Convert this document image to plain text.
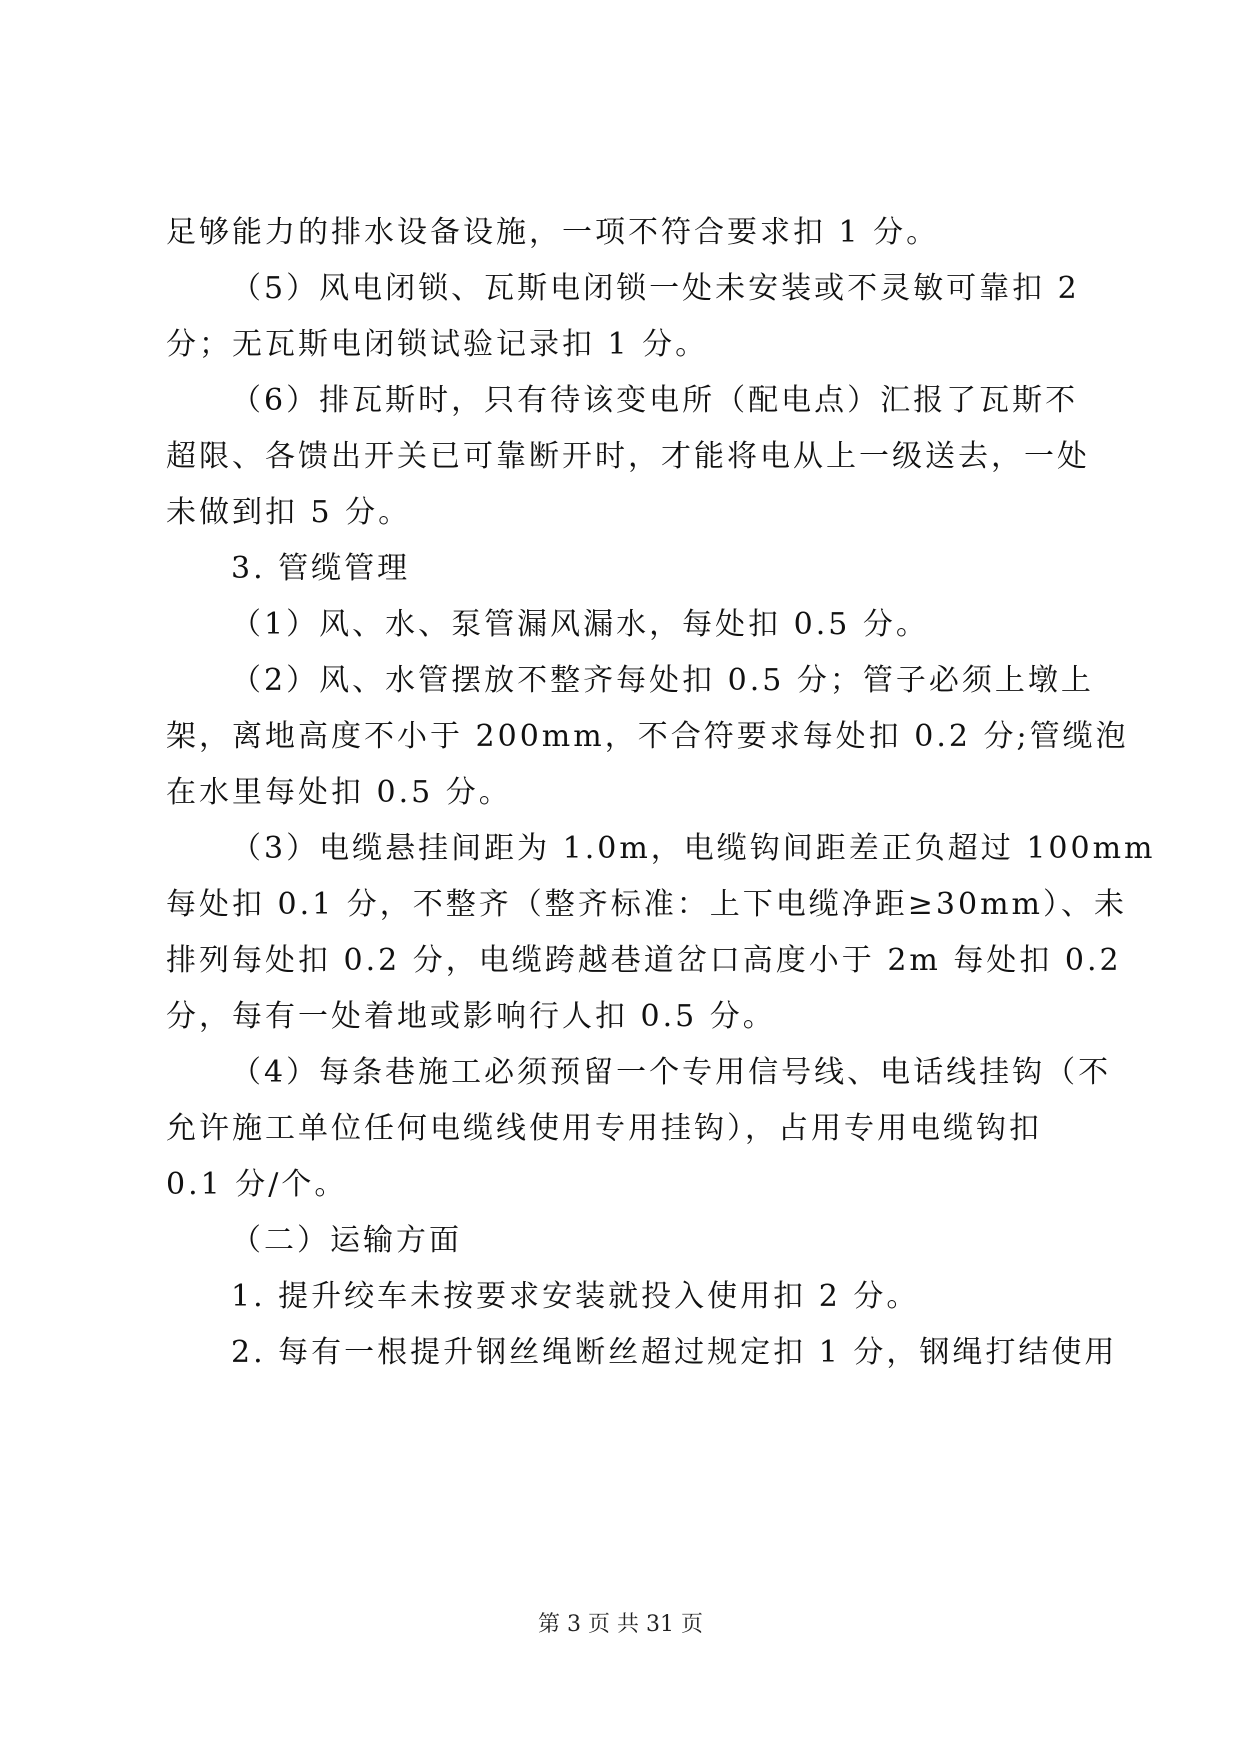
足够能力的排水设备设施，一项不符合要求扣 1 分。
（5）风电闭锁、瓦斯电闭锁一处未安装或不灵敏可靠扣 2
分；无瓦斯电闭锁试验记录扣 1 分。
（6）排瓦斯时，只有待该变电所（配电点）汇报了瓦斯不
超限、各馈出开关已可靠断开时，才能将电从上一级送去，一处
未做到扣 5 分。
3. 管缆管理
（1）风、水、泵管漏风漏水，每处扣 0.5 分。
（2）风、水管摆放不整齐每处扣 0.5 分；管子必须上墩上
架，离地高度不小于 200mm，不合符要求每处扣 0.2 分;管缆泡
在水里每处扣 0.5 分。
（3）电缆悬挂间距为 1.0m，电缆钩间距差正负超过 100mm
每处扣 0.1 分，不整齐（整齐标准：上下电缆净距≥30mm）、未
排列每处扣 0.2 分，电缆跨越巷道岔口高度小于 2m 每处扣 0.2
分，每有一处着地或影响行人扣 0.5 分。
（4）每条巷施工必须预留一个专用信号线、电话线挂钩（不
允许施工单位任何电缆线使用专用挂钩），占用专用电缆钩扣
0.1 分/个。
（二）运输方面
1. 提升绞车未按要求安装就投入使用扣 2 分。
2. 每有一根提升钢丝绳断丝超过规定扣 1 分，钢绳打结使用
第 3 页 共 31 页
